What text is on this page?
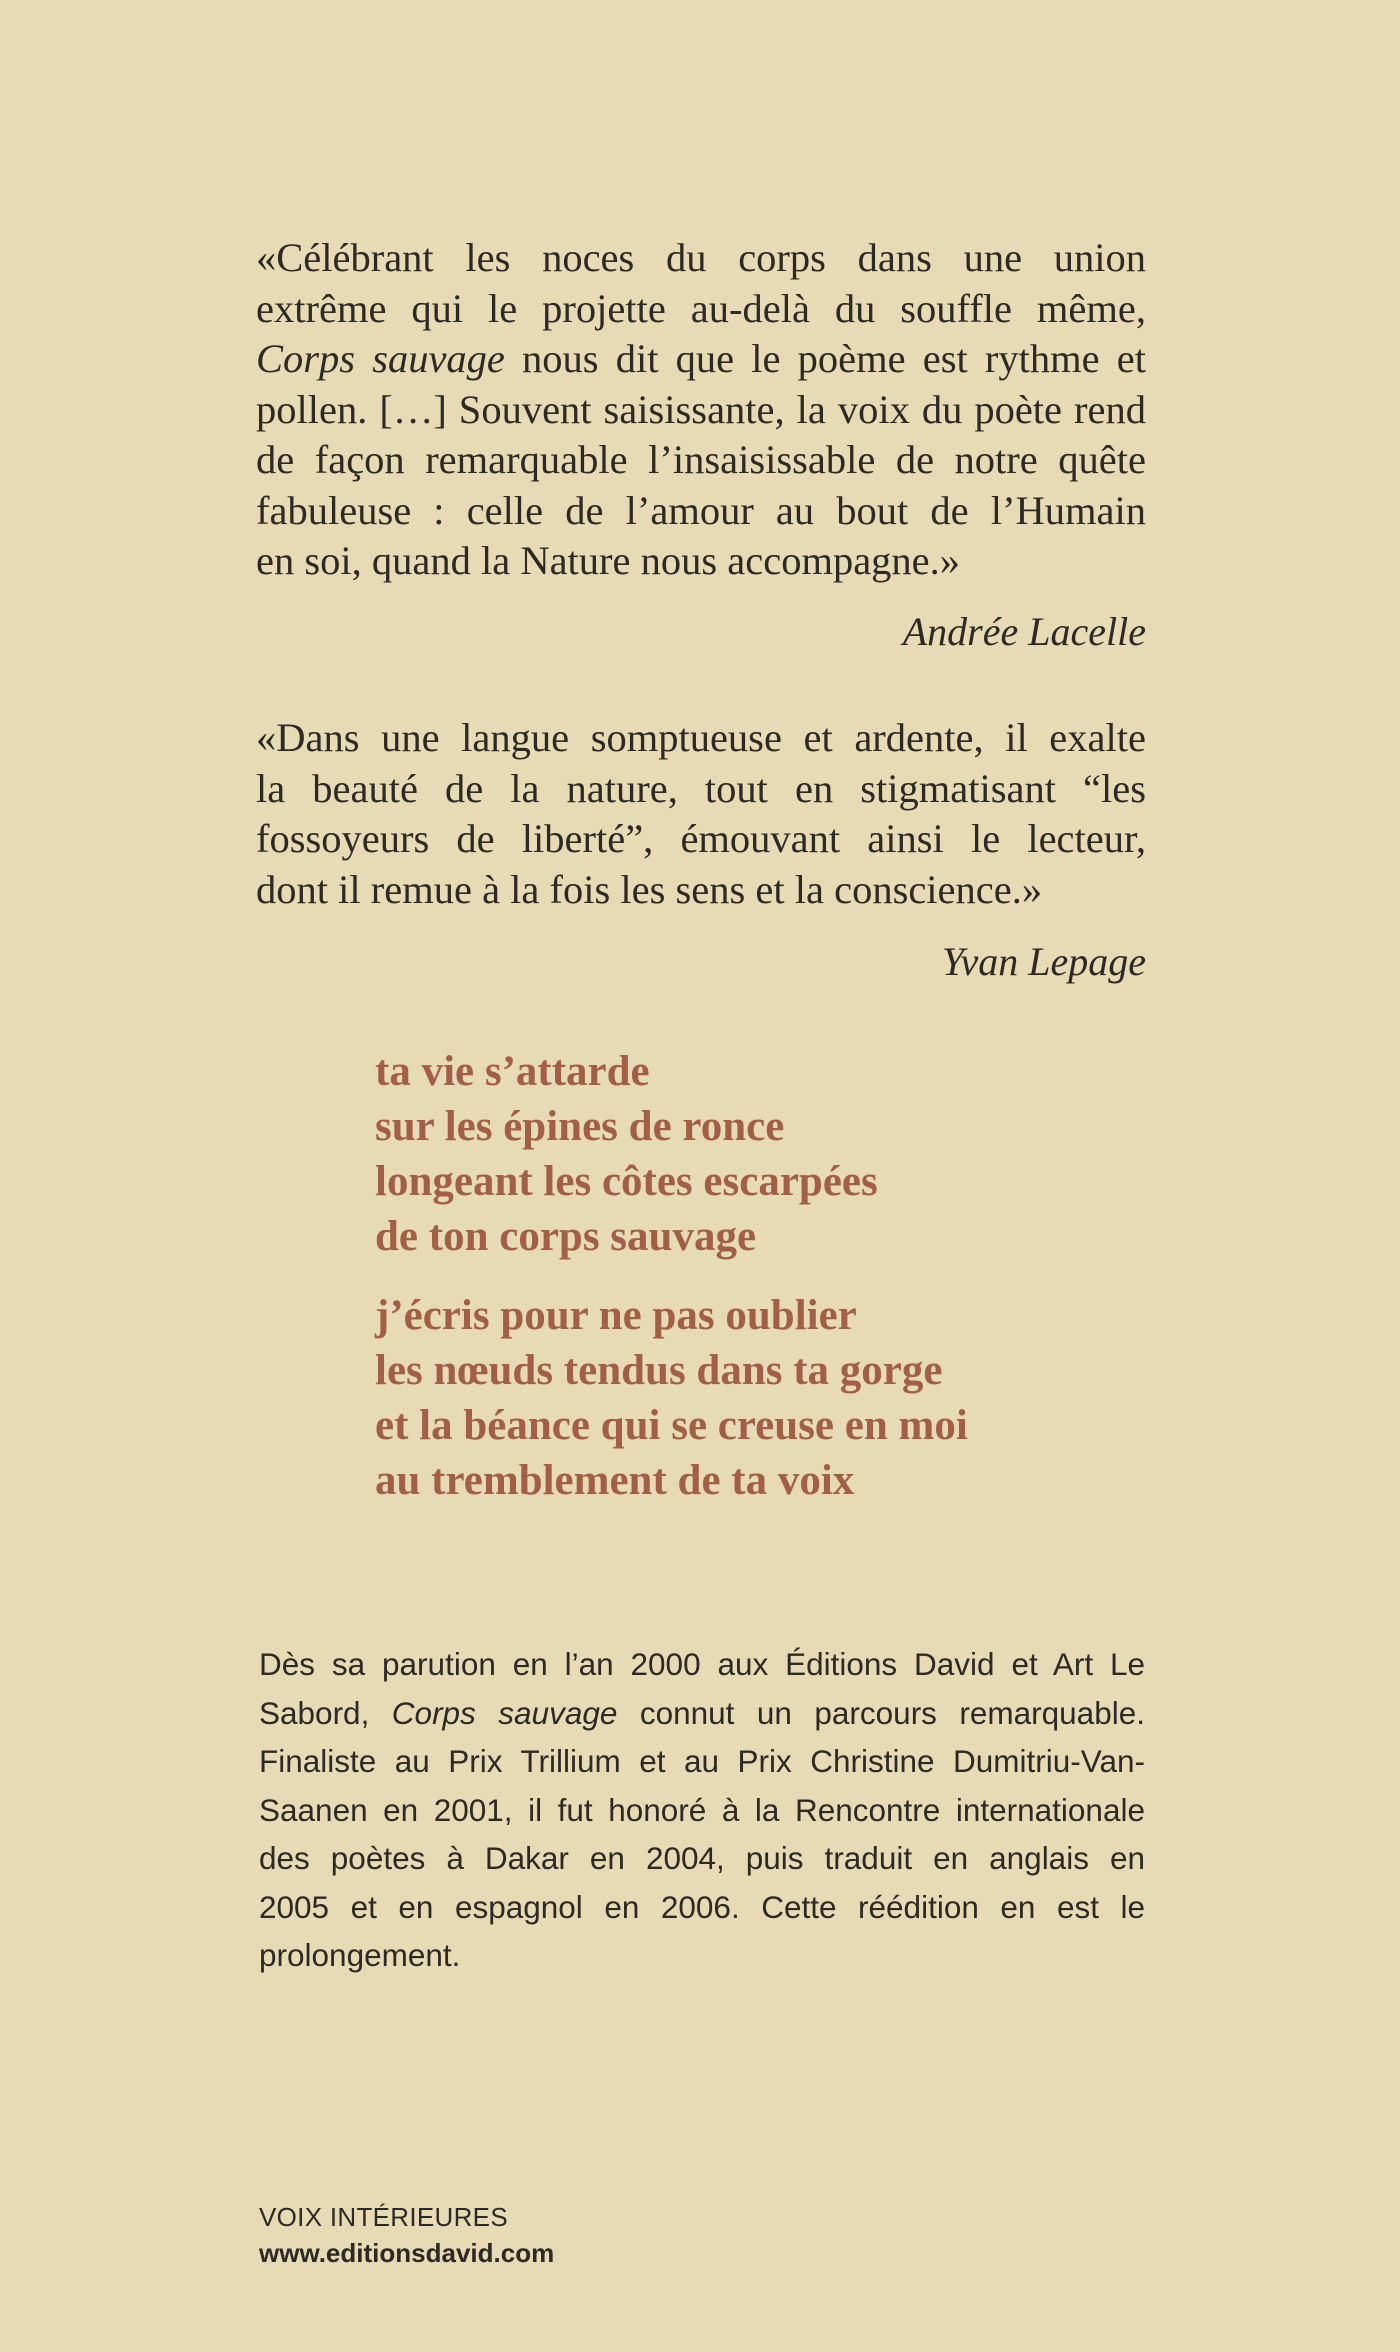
«Célébrant les noces du corps dans une union
extrême qui le projette au-delà du souffle même,
Corps sauvage nous dit que le poème est rythme et
pollen. […] Souvent saisissante, la voix du poète rend
de façon remarquable l’insaisissable de notre quête
fabuleuse : celle de l’amour au bout de l’Humain
en soi, quand la Nature nous accompagne.»
Andrée Lacelle
«Dans une langue somptueuse et ardente, il exalte
la beauté de la nature, tout en stigmatisant “les
fossoyeurs de liberté”, émouvant ainsi le lecteur,
dont il remue à la fois les sens et la conscience.»
Yvan Lepage
ta vie s’attarde
sur les épines de ronce
longeant les côtes escarpées
de ton corps sauvage
j’écris pour ne pas oublier
les nœuds tendus dans ta gorge
et la béance qui se creuse en moi
au tremblement de ta voix
Dès sa parution en l’an 2000 aux Éditions David et Art Le
Sabord, Corps sauvage connut un parcours remarquable.
Finaliste au Prix Trillium et au Prix Christine Dumitriu-Van-
Saanen en 2001, il fut honoré à la Rencontre internationale
des poètes à Dakar en 2004, puis traduit en anglais en
2005 et en espagnol en 2006. Cette réédition en est le
prolongement.
VOIX INTÉRIEURES
www.editionsdavid.com
